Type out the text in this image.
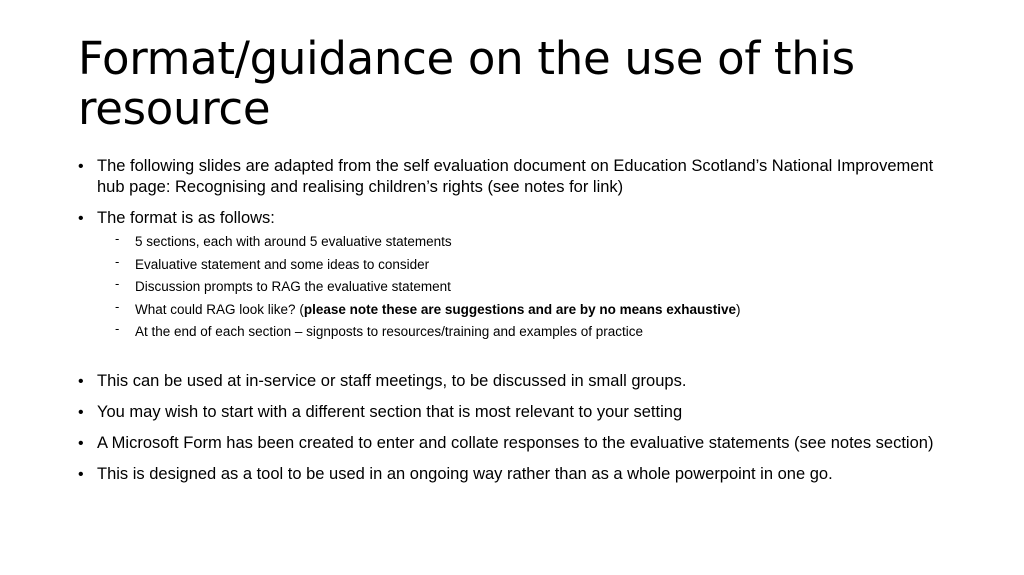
Format/guidance on the use of this resource
• The following slides are adapted from the self evaluation document on Education Scotland’s National Improvement hub page: Recognising and realising children’s rights (see notes for link)
• The format is as follows:
- 5 sections, each with around 5 evaluative statements
- Evaluative statement and some ideas to consider
- Discussion prompts to RAG the evaluative statement
- What could RAG look like? (please note these are suggestions and are by no means exhaustive)
- At the end of each section – signposts to resources/training and examples of practice
• This can be used at in-service or staff meetings, to be discussed in small groups.
• You may wish to start with a different section that is most relevant to your setting
• A Microsoft Form has been created to enter and collate responses to the evaluative statements (see notes section)
• This is designed as a tool to be used in an ongoing way rather than as a whole powerpoint in one go.
